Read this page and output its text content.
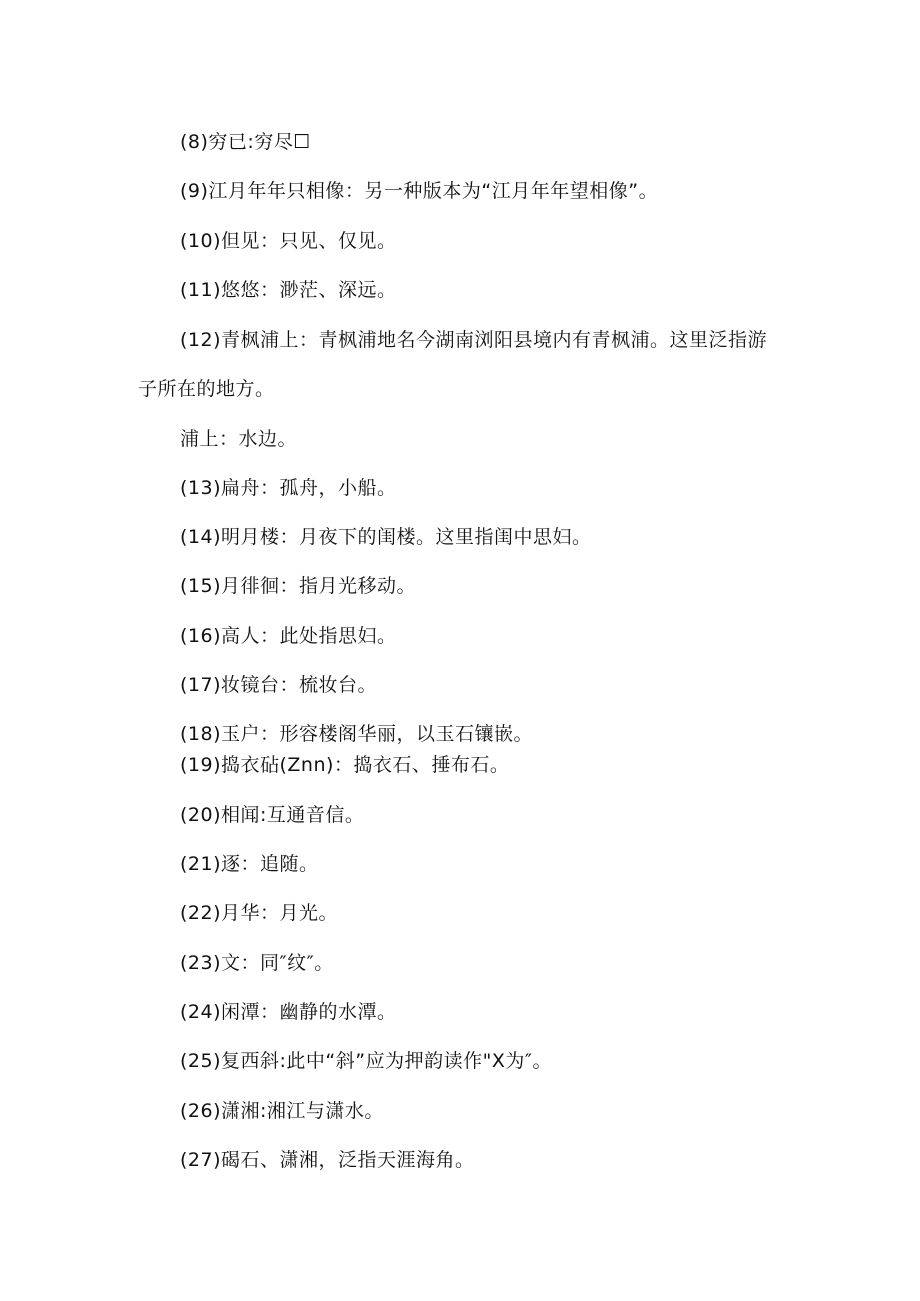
(8)穷已:穷尽☐
(9)江月年年只相像：另一种版本为“江月年年望相像”。
(10)但见：只见、仅见。
(11)悠悠：渺茫、深远。
(12)青枫浦上：青枫浦地名今湖南浏阳县境内有青枫浦。这里泛指游
子所在的地方。
浦上：水边。
(13)扁舟：孤舟，小船。
(14)明月楼：月夜下的闺楼。这里指闺中思妇。
(15)月徘徊：指月光移动。
(16)高人：此处指思妇。
(17)妆镜台：梳妆台。
(18)玉户：形容楼阁华丽，以玉石镶嵌。
(19)捣衣砧(Znn)：捣衣石、捶布石。
(20)相闻:互通音信。
(21)逐：追随。
(22)月华：月光。
(23)文：同″纹″。
(24)闲潭：幽静的水潭。
(25)复西斜:此中“斜”应为押韵读作"X为″。
(26)潇湘:湘江与潇水。
(27)碣石、潇湘，泛指天涯海角。
